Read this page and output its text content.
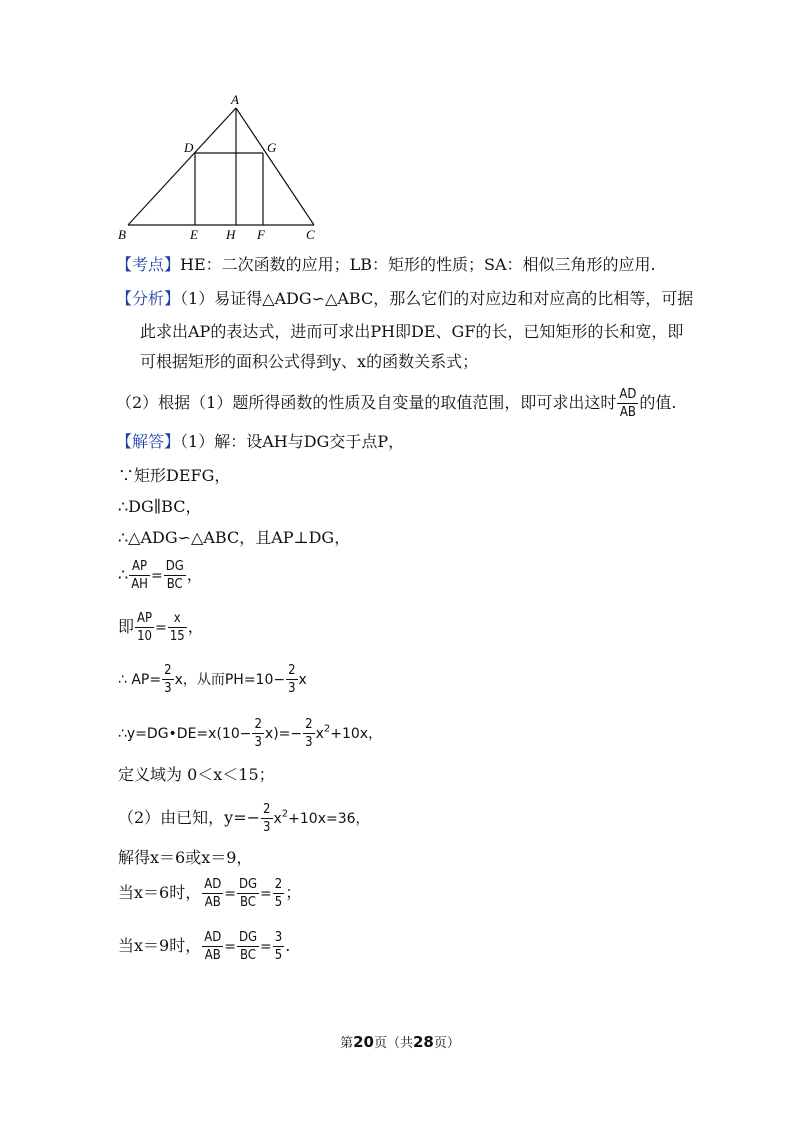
A
D	G
B	E H F	C
【考点】HE：二次函数的应用；LB：矩形的性质；SA：相似三角形的应用.
【分析】（1）易证得△ADG∽△ABC，那么它们的对应边和对应高的比相等，可据
此求出AP的表达式，进而可求出PH即DE、GF的长，已知矩形的长和宽，即
可根据矩形的面积公式得到y、x的函数关系式；
（2）根据（1）题所得函数的性质及自变量的取值范围，即可求出这时 $\frac{AD}{AB}$ 的值.
【解答】（1）解：设AH与DG交于点P，
∵矩形DEFG，
∴DG∥BC，
∴△ADG∽△ABC，且AP⊥DG，
∴ $\frac{AP}{AH} = \frac{DG}{BC}$ ，
即 $\frac{AP}{10} = \frac{x}{15}$ ，
∴ $AP= \frac{2}{3}$ x，从而$PH=10- \frac{2}{3}$ x
∴y=DG•DE=x(10− $\frac{2}{3} x)=- \frac{2}{3} x^2+10x$，
定义域为 0＜x＜15；
（2）由已知，$y=- \frac{2}{3} x^2+10x=36$，
解得x＝6或x＝9，
当x＝6时， $\frac{AD}{AB} = \frac{DG}{BC} = \frac{2}{5}$ ；
当x＝9时， $\frac{AD}{AB} = \frac{DG}{BC} = \frac{3}{5}$ .
第20页（共28页）
